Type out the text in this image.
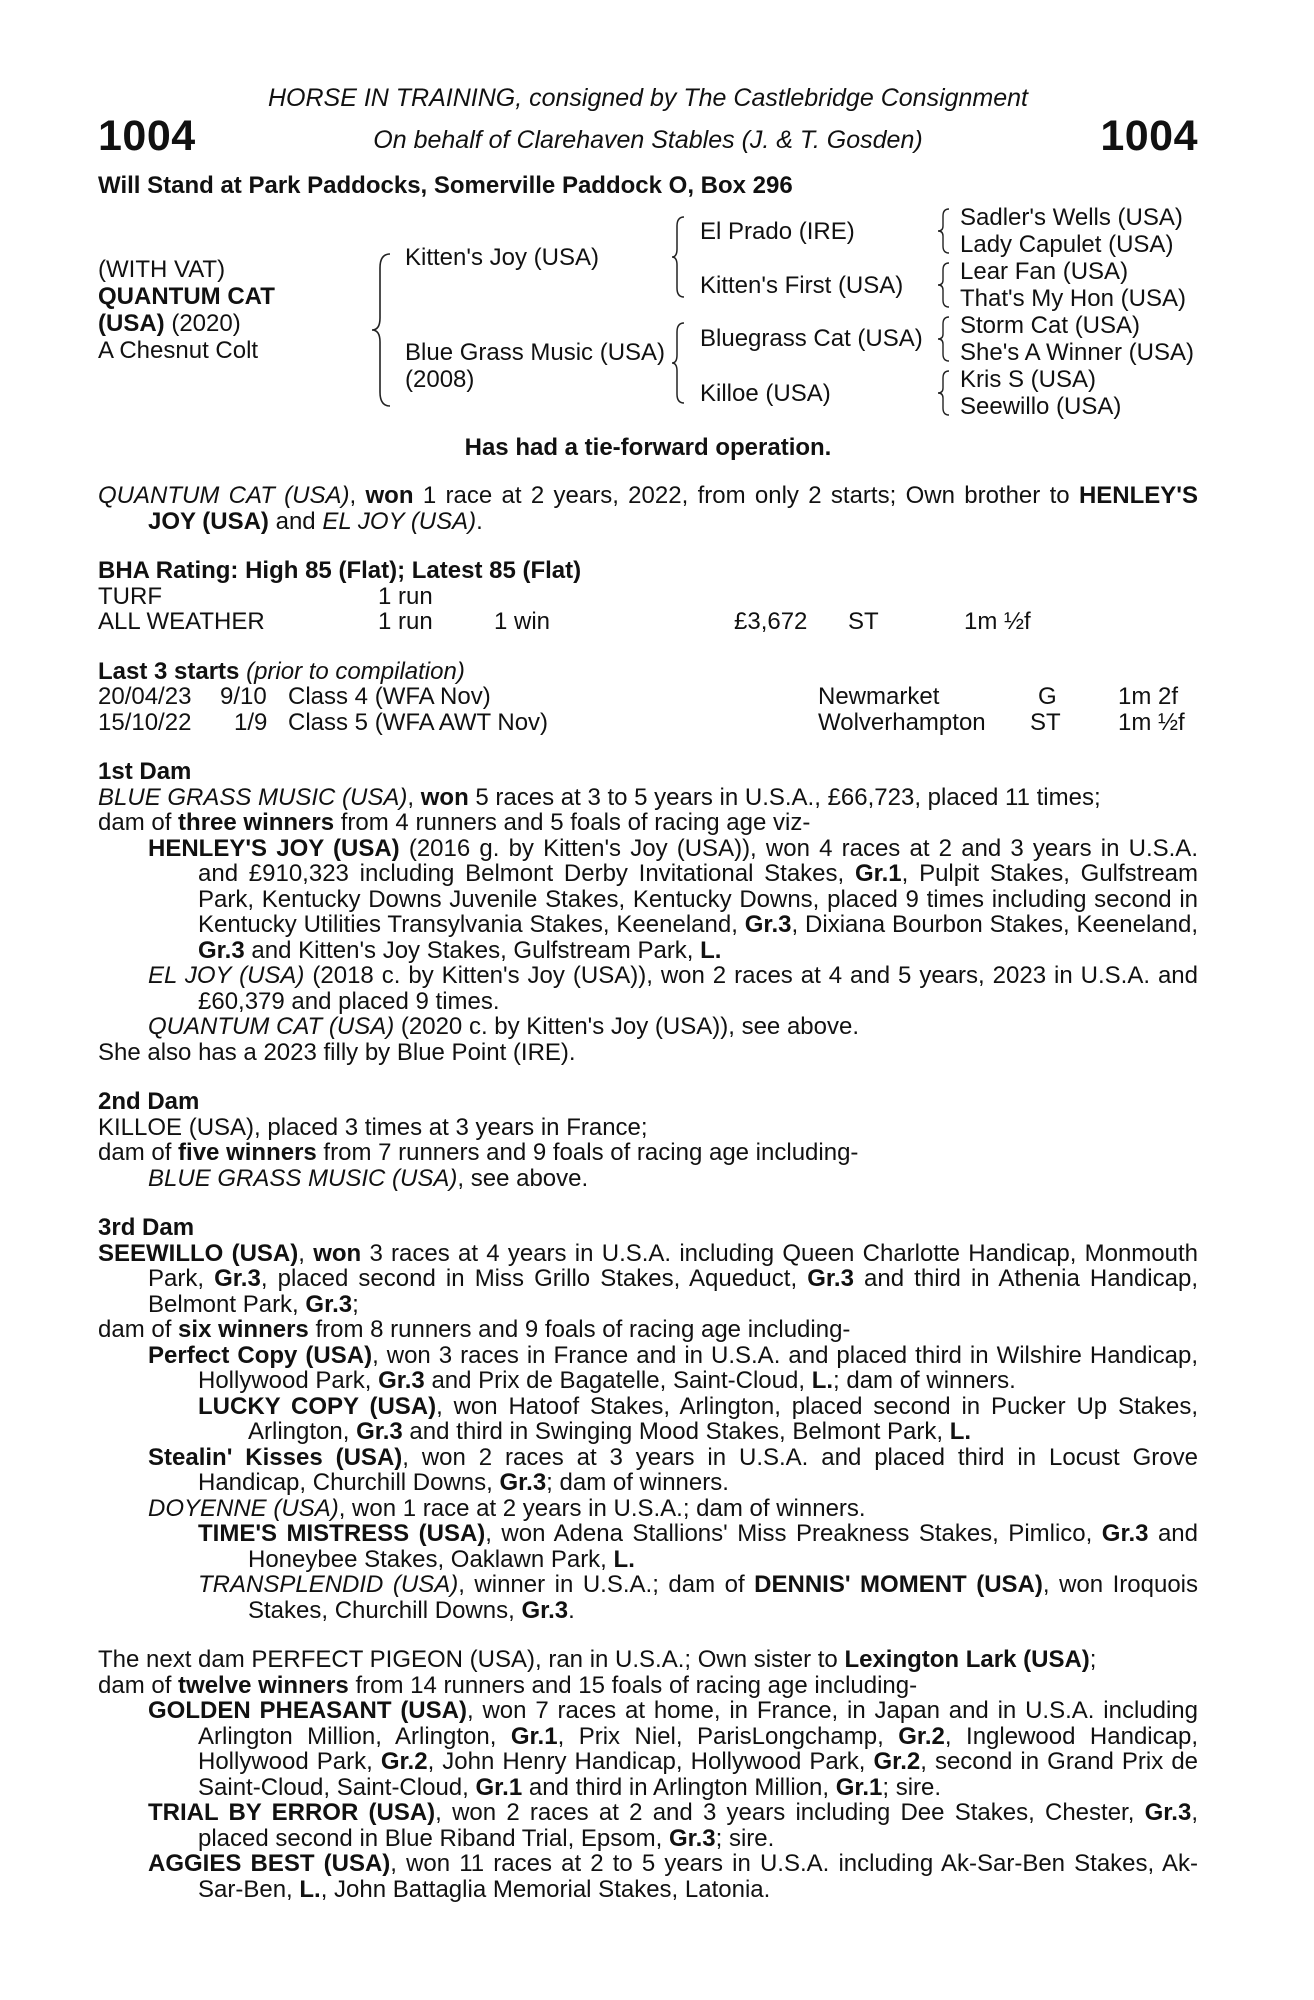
HORSE IN TRAINING, consigned by The Castlebridge Consignment
On behalf of Clarehaven Stables (J. & T. Gosden)
1004	1004
Will Stand at Park Paddocks, Somerville Paddock O, Box 296
(WITH VAT)
QUANTUM CAT
(USA) (2020)
A Chesnut Colt
Kitten's Joy (USA)
Blue Grass Music (USA)
(2008)
El Prado (IRE)
Kitten's First (USA)
Bluegrass Cat (USA)
Killoe (USA)
Sadler's Wells (USA)
Lady Capulet (USA)
Lear Fan (USA)
That's My Hon (USA)
Storm Cat (USA)
She's A Winner (USA)
Kris S (USA)
Seewillo (USA)
Has had a tie-forward operation.

QUANTUM CAT (USA), won 1 race at 2 years, 2022, from only 2 starts; Own brother to HENLEY'S JOY (USA) and EL JOY (USA).

BHA Rating: High 85 (Flat); Latest 85 (Flat)

TURF	1 run
ALL WEATHER	1 run	1 win	£3,672 ST	1m ½f

Last 3 starts (prior to compilation)

20/04/23 9/10 Class 4 (WFA Nov)	Newmarket	G	1m 2f
15/10/22 1/9 Class 5 (WFA AWT Nov)	Wolverhampton ST 1m ½f

1st Dam

BLUE GRASS MUSIC (USA), won 5 races at 3 to 5 years in U.S.A., £66,723, placed 11 times;

dam of three winners from 4 runners and 5 foals of racing age viz-

HENLEY'S JOY (USA) (2016 g. by Kitten's Joy (USA)), won 4 races at 2 and 3 years in U.S.A. and £910,323 including Belmont Derby Invitational Stakes, Gr.1, Pulpit Stakes, Gulfstream Park, Kentucky Downs Juvenile Stakes, Kentucky Downs, placed 9 times including second in Kentucky Utilities Transylvania Stakes, Keeneland, Gr.3, Dixiana Bourbon Stakes, Keeneland, Gr.3 and Kitten's Joy Stakes, Gulfstream Park, L.

EL JOY (USA) (2018 c. by Kitten's Joy (USA)), won 2 races at 4 and 5 years, 2023 in U.S.A. and £60,379 and placed 9 times.

QUANTUM CAT (USA) (2020 c. by Kitten's Joy (USA)), see above.

She also has a 2023 filly by Blue Point (IRE).

2nd Dam

KILLOE (USA), placed 3 times at 3 years in France;

dam of five winners from 7 runners and 9 foals of racing age including-

BLUE GRASS MUSIC (USA), see above.

3rd Dam

SEEWILLO (USA), won 3 races at 4 years in U.S.A. including Queen Charlotte Handicap, Monmouth Park, Gr.3, placed second in Miss Grillo Stakes, Aqueduct, Gr.3 and third in Athenia Handicap, Belmont Park, Gr.3;

dam of six winners from 8 runners and 9 foals of racing age including-

Perfect Copy (USA), won 3 races in France and in U.S.A. and placed third in Wilshire Handicap, Hollywood Park, Gr.3 and Prix de Bagatelle, Saint-Cloud, L.; dam of winners.

LUCKY COPY (USA), won Hatoof Stakes, Arlington, placed second in Pucker Up Stakes, Arlington, Gr.3 and third in Swinging Mood Stakes, Belmont Park, L.

Stealin' Kisses (USA), won 2 races at 3 years in U.S.A. and placed third in Locust Grove Handicap, Churchill Downs, Gr.3; dam of winners.

DOYENNE (USA), won 1 race at 2 years in U.S.A.; dam of winners.

TIME'S MISTRESS (USA), won Adena Stallions' Miss Preakness Stakes, Pimlico, Gr.3 and Honeybee Stakes, Oaklawn Park, L.

TRANSPLENDID (USA), winner in U.S.A.; dam of DENNIS' MOMENT (USA), won Iroquois Stakes, Churchill Downs, Gr.3.

The next dam PERFECT PIGEON (USA), ran in U.S.A.; Own sister to Lexington Lark (USA);

dam of twelve winners from 14 runners and 15 foals of racing age including-

GOLDEN PHEASANT (USA), won 7 races at home, in France, in Japan and in U.S.A. including Arlington Million, Arlington, Gr.1, Prix Niel, ParisLongchamp, Gr.2, Inglewood Handicap, Hollywood Park, Gr.2, John Henry Handicap, Hollywood Park, Gr.2, second in Grand Prix de Saint-Cloud, Saint-Cloud, Gr.1 and third in Arlington Million, Gr.1; sire.

TRIAL BY ERROR (USA), won 2 races at 2 and 3 years including Dee Stakes, Chester, Gr.3, placed second in Blue Riband Trial, Epsom, Gr.3; sire.

AGGIES BEST (USA), won 11 races at 2 to 5 years in U.S.A. including Ak-Sar-Ben Stakes, Ak-Sar-Ben, L., John Battaglia Memorial Stakes, Latonia.
